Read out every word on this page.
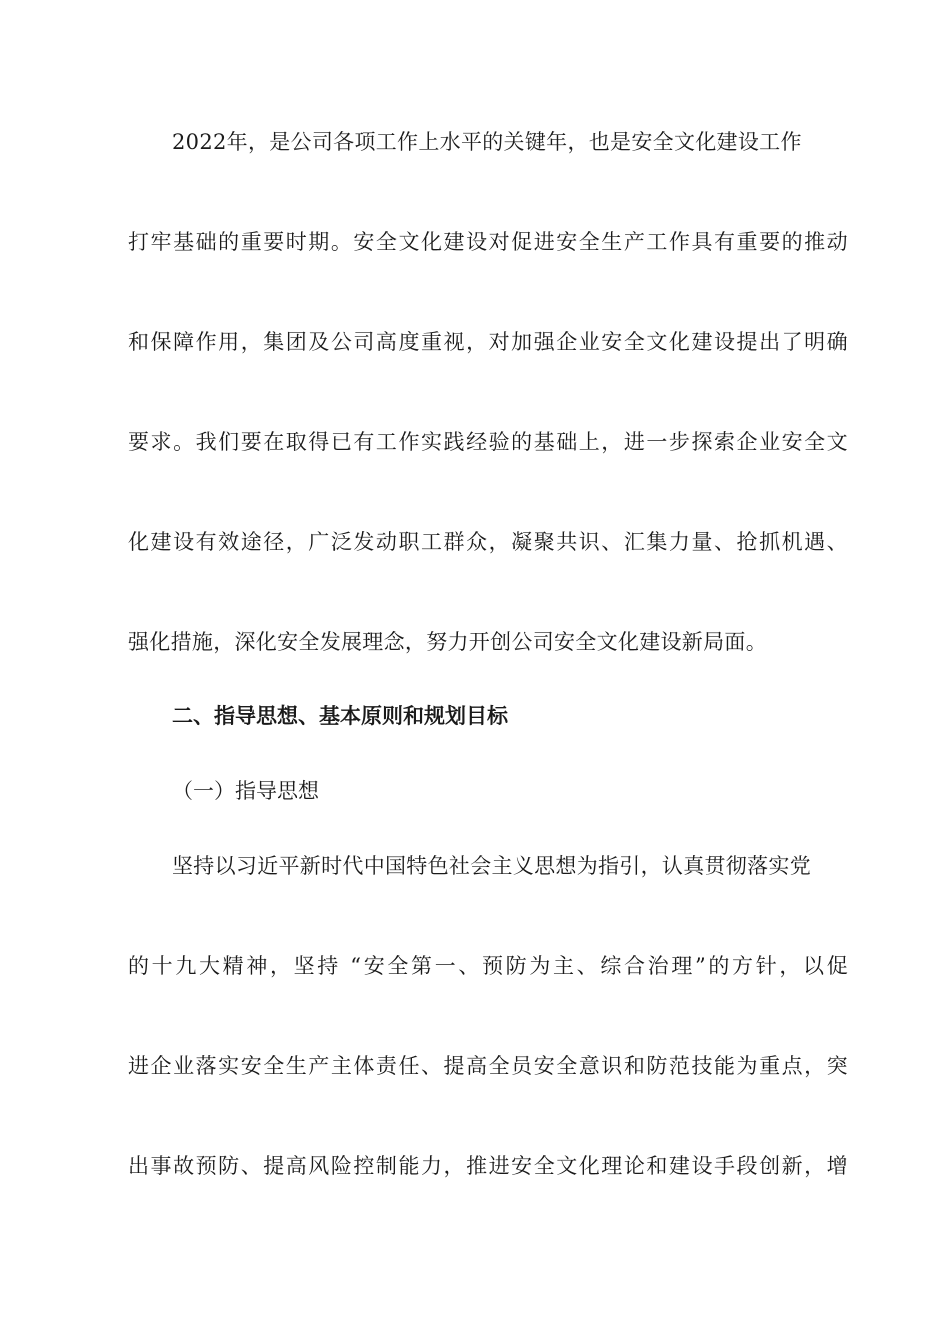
2022年，是公司各项工作上水平的关键年，也是安全文化建设工作
打牢基础的重要时期。安全文化建设对促进安全生产工作具有重要的推动
和保障作用，集团及公司高度重视，对加强企业安全文化建设提出了明确
要求。我们要在取得已有工作实践经验的基础上，进一步探索企业安全文
化建设有效途径，广泛发动职工群众，凝聚共识、汇集力量、抢抓机遇、
强化措施，深化安全发展理念，努力开创公司安全文化建设新局面。
二、指导思想、基本原则和规划目标
（一）指导思想
坚持以习近平新时代中国特色社会主义思想为指引，认真贯彻落实党
的十九大精神，坚持 “安全第一、预防为主、综合治理”的方针，以促
进企业落实安全生产主体责任、提高全员安全意识和防范技能为重点，突
出事故预防、提高风险控制能力，推进安全文化理论和建设手段创新，增
